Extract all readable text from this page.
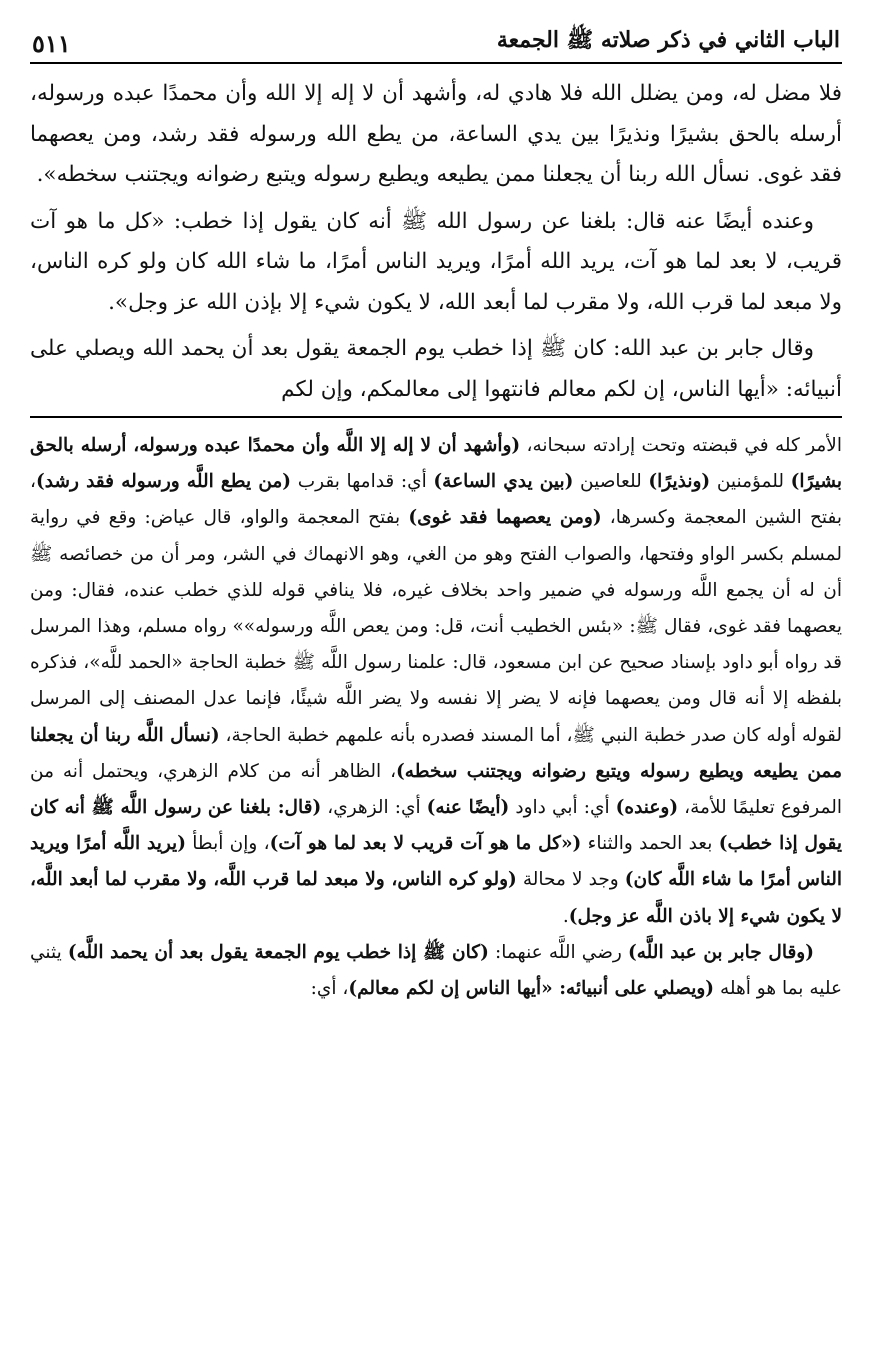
الباب الثاني في ذكر صلاته ﷺ الجمعة
٥١١

فلا مضل له، ومن يضلل الله فلا هادي له، وأشهد أن لا إله إلا الله وأن محمدًا عبده ورسوله، أرسله بالحق بشيرًا ونذيرًا بين يدي الساعة، من يطع الله ورسوله فقد رشد، ومن يعصهما فقد غوى. نسأل الله ربنا أن يجعلنا ممن يطيعه ويطيع رسوله ويتبع رضوانه ويجتنب سخطه».

وعنده أيضًا عنه قال: بلغنا عن رسول الله ﷺ أنه كان يقول إذا خطب: «كل ما هو آت قريب، لا بعد لما هو آت، يريد الله أمرًا، ويريد الناس أمرًا، ما شاء الله كان ولو كره الناس، ولا مبعد لما قرب الله، ولا مقرب لما أبعد الله، لا يكون شيء إلا بإذن الله عز وجل».

وقال جابر بن عبد الله: كان ﷺ إذا خطب يوم الجمعة يقول بعد أن يحمد الله ويصلي على أنبيائه: «أيها الناس، إن لكم معالم فانتهوا إلى معالمكم، وإن لكم

الأمر كله في قبضته وتحت إرادته سبحانه، (وأشهد أن لا إله إلا اللَّه وأن محمدًا عبده ورسوله، أرسله بالحق بشيرًا) للمؤمنين (ونذيرًا) للعاصين (بين يدي الساعة) أي: قدامها بقرب (من يطع اللَّه ورسوله فقد رشد)، بفتح الشين المعجمة وكسرها، (ومن يعصهما فقد غوى) بفتح المعجمة والواو، قال عياض: وقع في رواية لمسلم بكسر الواو وفتحها، والصواب الفتح وهو من الغي، وهو الانهماك في الشر، ومر أن من خصائصه ﷺ أن له أن يجمع اللَّه ورسوله في ضمير واحد بخلاف غيره، فلا ينافي قوله للذي خطب عنده، فقال: ومن يعصهما فقد غوى، فقال ﷺ: «بئس الخطيب أنت، قل: ومن يعص اللَّه ورسوله»» رواه مسلم، وهذا المرسل قد رواه أبو داود بإسناد صحيح عن ابن مسعود، قال: علمنا رسول اللَّه ﷺ خطبة الحاجة «الحمد للَّه»، فذكره بلفظه إلا أنه قال ومن يعصهما فإنه لا يضر إلا نفسه ولا يضر اللَّه شيئًا، فإنما عدل المصنف إلى المرسل لقوله أوله كان صدر خطبة النبي ﷺ، أما المسند فصدره بأنه علمهم خطبة الحاجة، (نسأل اللَّه ربنا أن يجعلنا ممن يطيعه ويطيع رسوله ويتبع رضوانه ويجتنب سخطه)، الظاهر أنه من كلام الزهري، ويحتمل أنه من المرفوع تعليمًا للأمة، (وعنده) أي: أبي داود (أيضًا عنه) أي: الزهري، (قال: بلغنا عن رسول اللَّه ﷺ أنه كان يقول إذا خطب) بعد الحمد والثناء («كل ما هو آت قريب لا بعد لما هو آت)، وإن أبطأ (يريد اللَّه أمرًا ويريد الناس أمرًا ما شاء اللَّه كان) وجد لا محالة (ولو كره الناس، ولا مبعد لما قرب اللَّه، ولا مقرب لما أبعد اللَّه، لا يكون شيء إلا باذن اللَّه عز وجل).

(وقال جابر بن عبد اللَّه) رضي اللَّه عنهما: (كان ﷺ إذا خطب يوم الجمعة يقول بعد أن يحمد اللَّه) يثني عليه بما هو أهله (ويصلي على أنبيائه: «أيها الناس إن لكم معالم)، أي:
